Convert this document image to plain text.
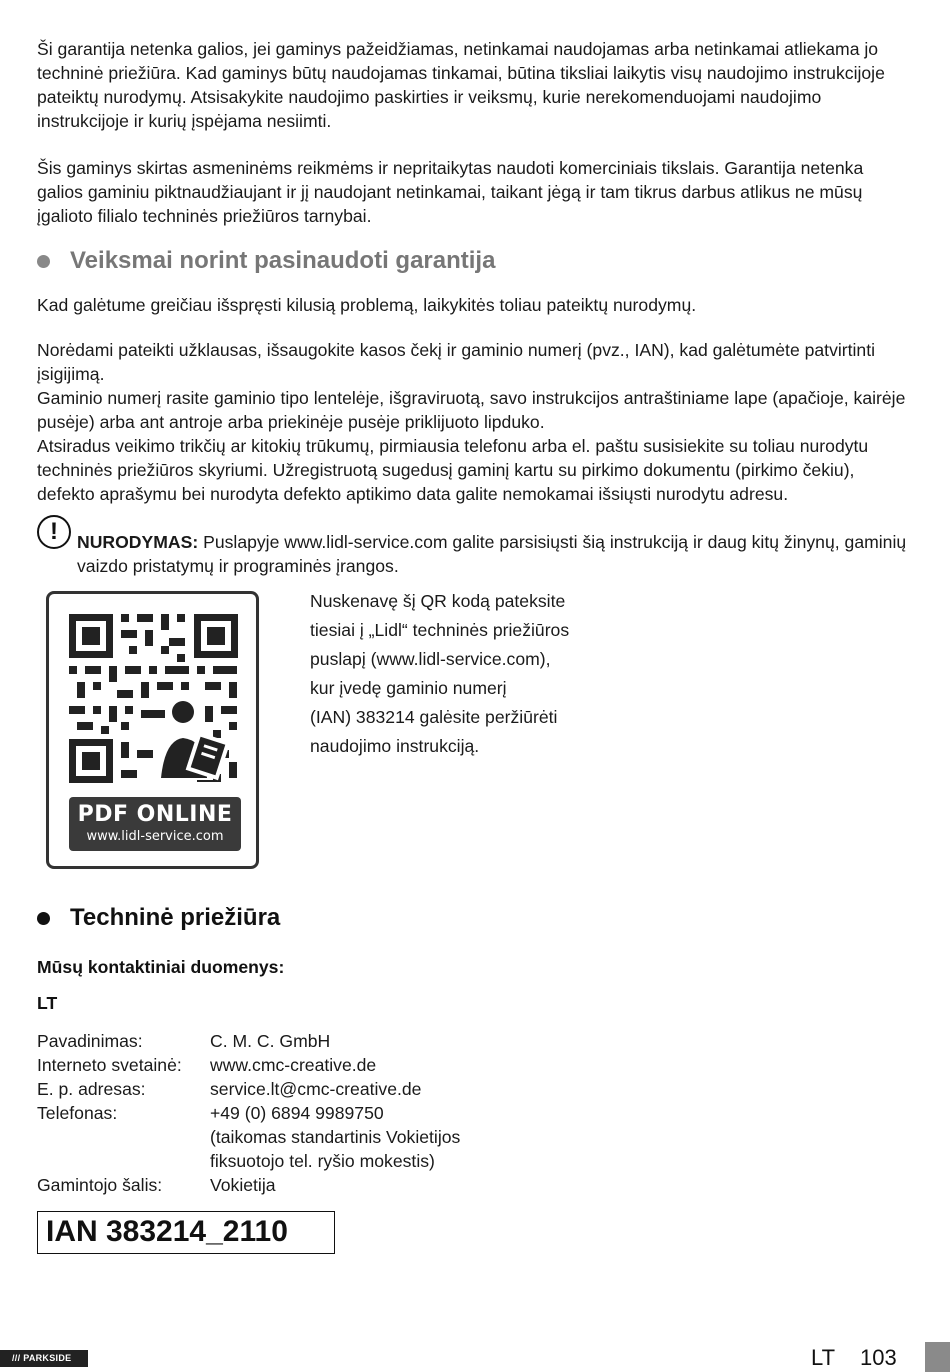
Ši garantija netenka galios, jei gaminys pažeidžiamas, netinkamai naudojamas arba netinkamai atliekama jo techninė priežiūra. Kad gaminys būtų naudojamas tinkamai, būtina tiksliai laikytis visų naudojimo instrukcijoje pateiktų nurodymų. Atsisakykite naudojimo paskirties ir veiksmų, kurie nerekomenduojami naudojimo instrukcijoje ir kurių įspėjama nesiimti.
Šis gaminys skirtas asmeninėms reikmėms ir nepritaikytas naudoti komerciniais tikslais. Garantija netenka galios gaminiu piktnaudžiaujant ir jį naudojant netinkamai, taikant jėgą ir tam tikrus darbus atlikus ne mūsų įgalioto filialo techninės priežiūros tarnybai.
Veiksmai norint pasinaudoti garantija
Kad galėtume greičiau išspręsti kilusią problemą, laikykitės toliau pateiktų nurodymų.
Norėdami pateikti užklausas, išsaugokite kasos čekį ir gaminio numerį (pvz., IAN), kad galėtumėte patvirtinti įsigijimą.
Gaminio numerį rasite gaminio tipo lentelėje, išgraviruotą, savo instrukcijos antraštiniame lape (apačioje, kairėje pusėje) arba ant antroje arba priekinėje pusėje priklijuoto lipduko.
Atsiradus veikimo trikčių ar kitokių trūkumų, pirmiausia telefonu arba el. paštu susisiekite su toliau nurodytu techninės priežiūros skyriumi. Užregistruotą sugedusį gaminį kartu su pirkimo dokumentu (pirkimo čekiu), defekto aprašymu bei nurodyta defekto aptikimo data galite nemokamai išsiųsti nurodytu adresu.
!
NURODYMAS: Puslapyje www.lidl-service.com galite parsisiųsti šią instrukciją ir daug kitų žinynų, gaminių vaizdo pristatymų ir programinės įrangos.
PDF ONLINE
www.lidl-service.com
Nuskenavę šį QR kodą pateksite
tiesiai į „Lidl“ techninės priežiūros
puslapį (www.lidl-service.com),
kur įvedę gaminio numerį
(IAN) 383214 galėsite peržiūrėti
naudojimo instrukciją.
Techninė priežiūra
Mūsų kontaktiniai duomenys:
LT
Pavadinimas:	C. M. C. GmbH
Interneto svetainė:	www.cmc-creative.de
E. p. adresas:	service.lt@cmc-creative.de
Telefonas:	+49 (0) 6894 9989750
(taikomas standartinis Vokietijos
fiksuotojo tel. ryšio mokestis)
Gamintojo šalis:	Vokietija
IAN 383214_2110
/// PARKSIDE	LT 103
